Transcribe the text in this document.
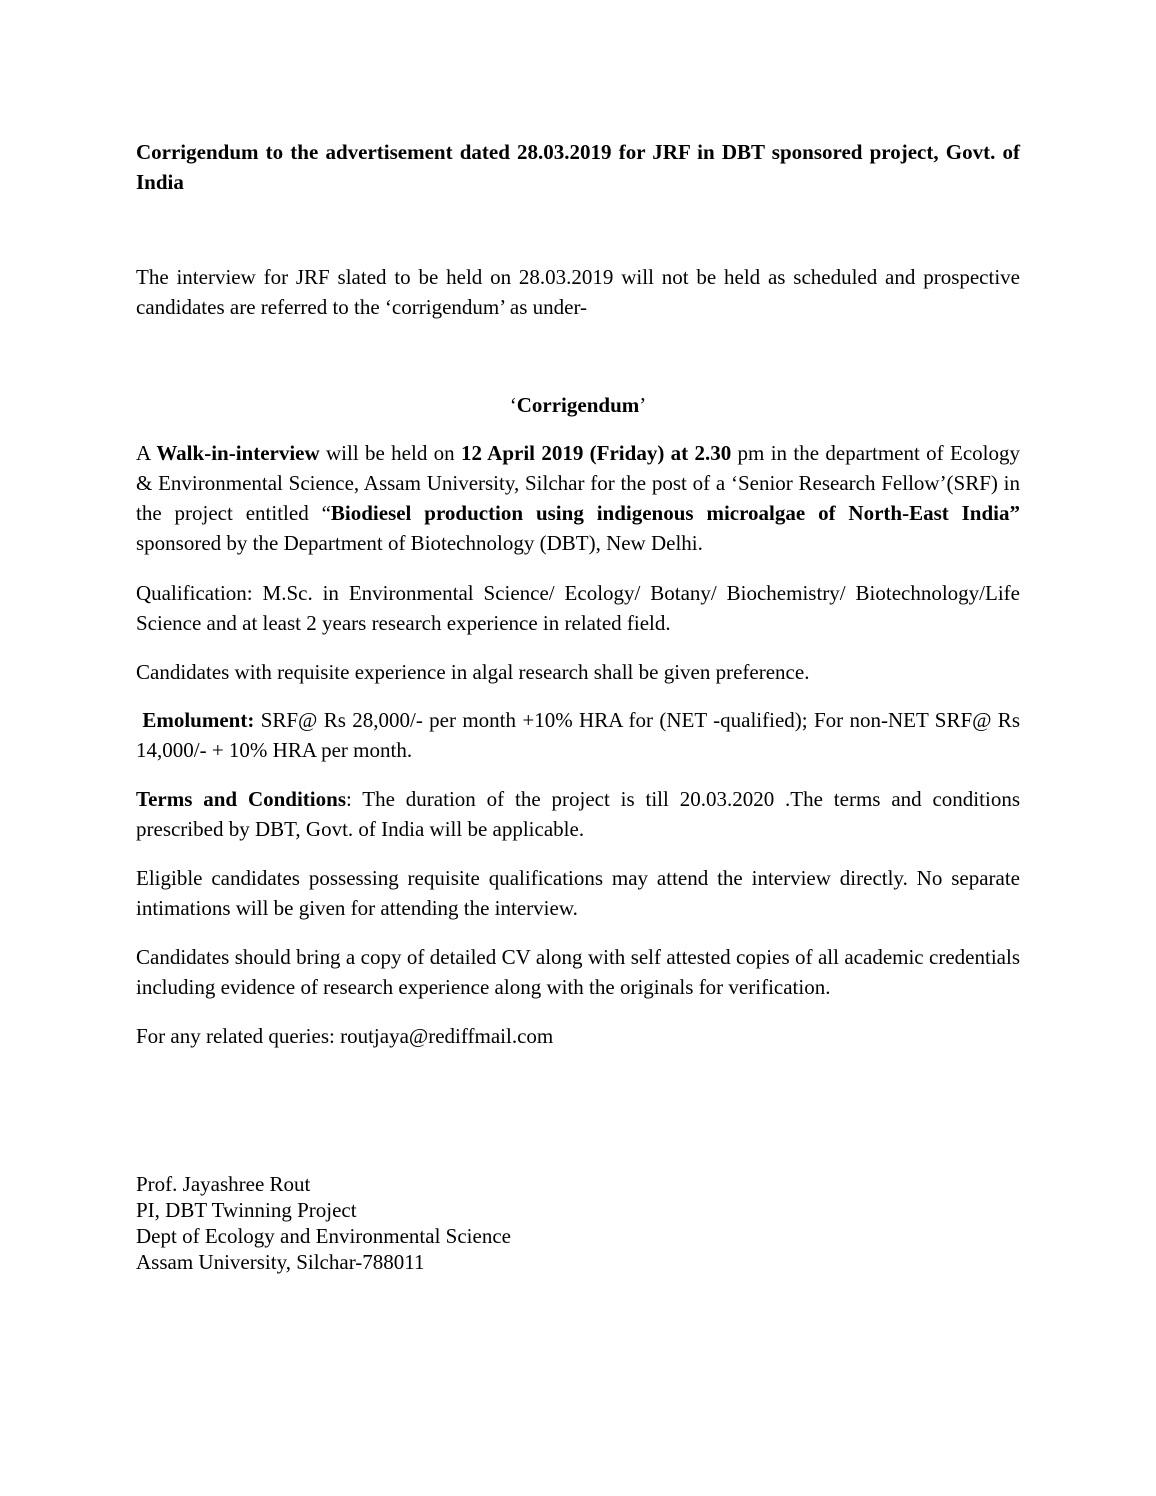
Corrigendum to the advertisement dated 28.03.2019 for JRF in DBT sponsored project, Govt. of India
The interview for JRF slated to be held on 28.03.2019 will not be held as scheduled and prospective candidates are referred to the ‘corrigendum’ as under-
‘Corrigendum’

A Walk-in-interview will be held on 12 April 2019 (Friday) at 2.30 pm in the department of Ecology & Environmental Science, Assam University, Silchar for the post of a ‘Senior Research Fellow’(SRF) in the project entitled “Biodiesel production using indigenous microalgae of North-East India” sponsored by the Department of Biotechnology (DBT), New Delhi.

Qualification: M.Sc. in Environmental Science/ Ecology/ Botany/ Biochemistry/ Biotechnology/Life Science and at least 2 years research experience in related field.

Candidates with requisite experience in algal research shall be given preference.

Emolument: SRF@ Rs 28,000/- per month +10% HRA for (NET -qualified); For non-NET SRF@ Rs 14,000/- + 10% HRA per month.

Terms and Conditions: The duration of the project is till 20.03.2020 .The terms and conditions prescribed by DBT, Govt. of India will be applicable.

Eligible candidates possessing requisite qualifications may attend the interview directly. No separate intimations will be given for attending the interview.

Candidates should bring a copy of detailed CV along with self attested copies of all academic credentials including evidence of research experience along with the originals for verification.

For any related queries: routjaya@rediffmail.com

Prof. Jayashree Rout
PI, DBT Twinning Project
Dept of Ecology and Environmental Science
Assam University, Silchar-788011
